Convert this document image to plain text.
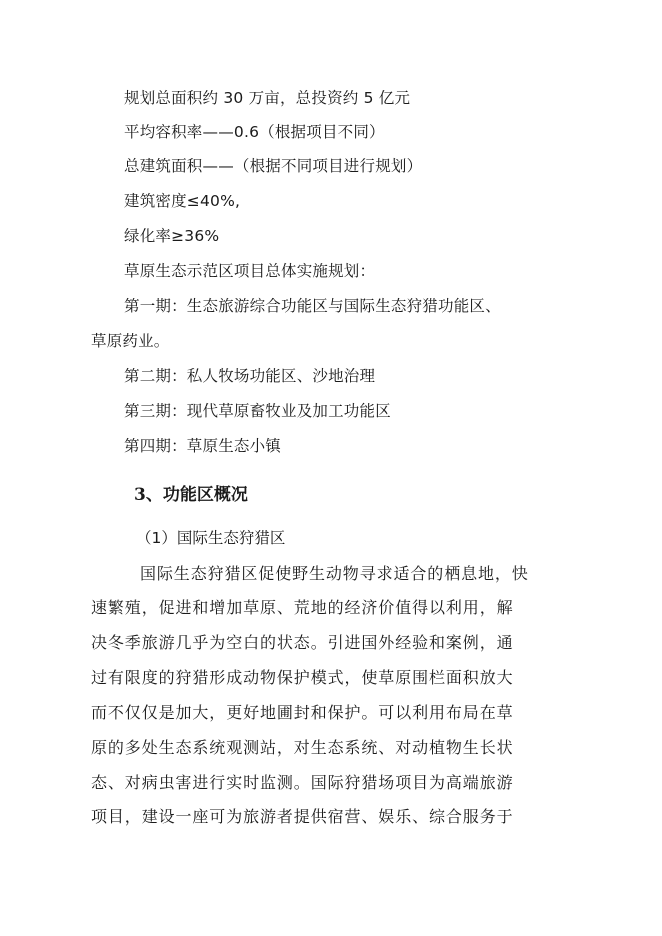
规划总面积约 30 万亩，总投资约 5 亿元
平均容积率——0.6（根据项目不同）
总建筑面积——（根据不同项目进行规划）
建筑密度≤40%,
绿化率≥36%
草原生态示范区项目总体实施规划：
第一期：生态旅游综合功能区与国际生态狩猎功能区、
草原药业。
第二期：私人牧场功能区、沙地治理
第三期：现代草原畜牧业及加工功能区
第四期：草原生态小镇
3、功能区概况
（1）国际生态狩猎区
国际生态狩猎区促使野生动物寻求适合的栖息地，快
速繁殖，促进和增加草原、荒地的经济价值得以利用，解
决冬季旅游几乎为空白的状态。引进国外经验和案例，通
过有限度的狩猎形成动物保护模式，使草原围栏面积放大
而不仅仅是加大，更好地圃封和保护。可以利用布局在草
原的多处生态系统观测站，对生态系统、对动植物生长状
态、对病虫害进行实时监测。国际狩猎场项目为高端旅游
项目，建设一座可为旅游者提供宿营、娱乐、综合服务于
